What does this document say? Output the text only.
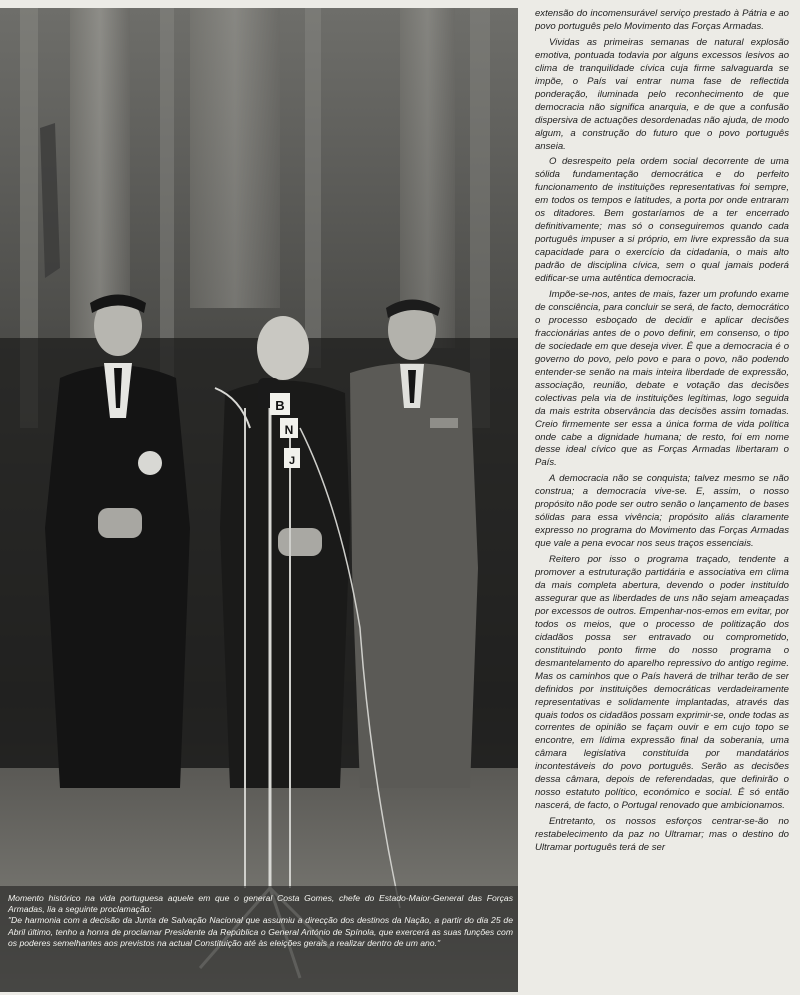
B
N
J

Momento histórico na vida portuguesa aquele em que o general Costa Gomes, chefe do Estado-Maior-General das Forças Armadas, lia a seguinte proclamação:

"De harmonia com a decisão da Junta de Salvação Nacional que assumiu a direcção dos destinos da Nação, a partir do dia 25 de Abril último, tenho a honra de proclamar Presidente da República o General António de Spínola, que exercerá as suas funções com os poderes semelhantes aos previstos na actual Constituição até às eleições gerais a realizar dentro de um ano."

extensão do incomensurável serviço prestado à Pátria e ao povo português pelo Movimento das Forças Armadas.

Vividas as primeiras semanas de natural explosão emotiva, pontuada todavia por alguns excessos lesivos ao clima de tranquilidade cívica cuja firme salvaguarda se impõe, o País vai entrar numa fase de reflectida ponderação, iluminada pelo reconhecimento de que democracia não significa anarquia, e de que a confusão dispersiva de actuações desordenadas não ajuda, de modo algum, a construção do futuro que o povo português anseia.

O desrespeito pela ordem social decorrente de uma sólida fundamentação democrática e do perfeito funcionamento de instituições representativas foi sempre, em todos os tempos e latitudes, a porta por onde entraram os ditadores. Bem gostaríamos de a ter encerrado definitivamente; mas só o conseguiremos quando cada português impuser a si próprio, em livre expressão da sua capacidade para o exercício da cidadania, o mais alto padrão de disciplina cívica, sem o qual jamais poderá edificar-se uma autêntica democracia.

Impõe-se-nos, antes de mais, fazer um profundo exame de consciência, para concluir se será, de facto, democrático o processo esboçado de decidir e aplicar decisões fraccionárias antes de o povo definir, em consenso, o tipo de sociedade em que deseja viver. É que a democracia é o governo do povo, pelo povo e para o povo, não podendo entender-se senão na mais inteira liberdade de expressão, associação, reunião, debate e votação das decisões colectivas pela via de instituições legítimas, logo seguida da mais estrita observância das decisões assim tomadas. Creio firmemente ser essa a única forma de vida política onde cabe a dignidade humana; de resto, foi em nome desse ideal cívico que as Forças Armadas libertaram o País.

A democracia não se conquista; talvez mesmo se não construa; a democracia vive-se. E, assim, o nosso propósito não pode ser outro senão o lançamento de bases sólidas para essa vivência; propósito aliás claramente expresso no programa do Movimento das Forças Armadas que vale a pena evocar nos seus traços essenciais.

Reitero por isso o programa traçado, tendente a promover a estruturação partidária e associativa em clima da mais completa abertura, devendo o poder instituído assegurar que as liberdades de uns não sejam ameaçadas por excessos de outros. Empenhar-nos-emos em evitar, por todos os meios, que o processo de politização dos cidadãos possa ser entravado ou comprometido, constituindo ponto firme do nosso programa o desmantelamento do aparelho repressivo do antigo regime. Mas os caminhos que o País haverá de trilhar terão de ser definidos por instituições democráticas verdadeiramente representativas e solidamente implantadas, através das quais todos os cidadãos possam exprimir-se, onde todas as correntes de opinião se façam ouvir e em cujo topo se encontre, em lídima expressão final da soberania, uma câmara legislativa constituída por mandatários incontestáveis do povo português. Serão as decisões dessa câmara, depois de referendadas, que definirão o nosso estatuto político, económico e social. É só então nascerá, de facto, o Portugal renovado que ambicionamos.

Entretanto, os nossos esforços centrar-se-ão no restabelecimento da paz no Ultramar; mas o destino do Ultramar português terá de ser
